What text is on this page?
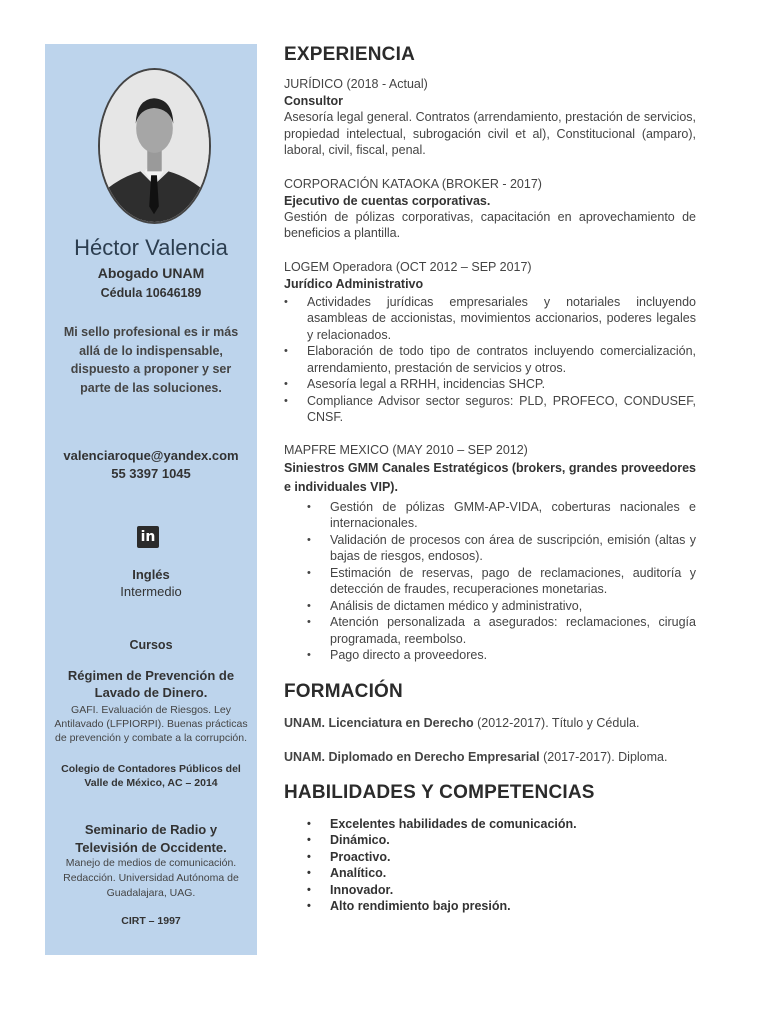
Héctor Valencia
Abogado UNAM
Cédula 10646189
Mi sello profesional es ir más allá de lo indispensable, dispuesto a proponer y ser parte de las soluciones.
valenciaroque@yandex.com
55 3397 1045
in
Inglés
Intermedio
Cursos
Régimen de Prevención de Lavado de Dinero.
GAFI. Evaluación de Riesgos. Ley Antilavado (LFPIORPI). Buenas prácticas de prevención y combate a la corrupción.
Colegio de Contadores Públicos del Valle de México, AC – 2014
Seminario de Radio y Televisión de Occidente.
Manejo de medios de comunicación. Redacción. Universidad Autónoma de Guadalajara, UAG.
CIRT – 1997
EXPERIENCIA
JURÍDICO (2018 - Actual)
Consultor
Asesoría legal general. Contratos (arrendamiento, prestación de servicios, propiedad intelectual, subrogación civil et al), Constitucional (amparo), laboral, civil, fiscal, penal.
CORPORACIÓN KATAOKA (BROKER - 2017)
Ejecutivo de cuentas corporativas.
Gestión de pólizas corporativas, capacitación en aprovechamiento de beneficios a plantilla.
LOGEM Operadora (OCT 2012 – SEP 2017)
Jurídico Administrativo
• Actividades jurídicas empresariales y notariales incluyendo asambleas de accionistas, movimientos accionarios, poderes legales y relacionados.
• Elaboración de todo tipo de contratos incluyendo comercialización, arrendamiento, prestación de servicios y otros.
• Asesoría legal a RRHH, incidencias SHCP.
• Compliance Advisor sector seguros: PLD, PROFECO, CONDUSEF, CNSF.
MAPFRE MEXICO (MAY 2010 – SEP 2012)
Siniestros GMM Canales Estratégicos (brokers, grandes proveedores e individuales VIP).
• Gestión de pólizas GMM-AP-VIDA, coberturas nacionales e internacionales.
• Validación de procesos con área de suscripción, emisión (altas y bajas de riesgos, endosos).
• Estimación de reservas, pago de reclamaciones, auditoría y detección de fraudes, recuperaciones monetarias.
• Análisis de dictamen médico y administrativo,
• Atención personalizada a asegurados: reclamaciones, cirugía programada, reembolso.
• Pago directo a proveedores.
FORMACIÓN
UNAM. Licenciatura en Derecho (2012-2017). Título y Cédula.
UNAM. Diplomado en Derecho Empresarial (2017-2017). Diploma.
HABILIDADES Y COMPETENCIAS
• Excelentes habilidades de comunicación.
• Dinámico.
• Proactivo.
• Analítico.
• Innovador.
• Alto rendimiento bajo presión.
